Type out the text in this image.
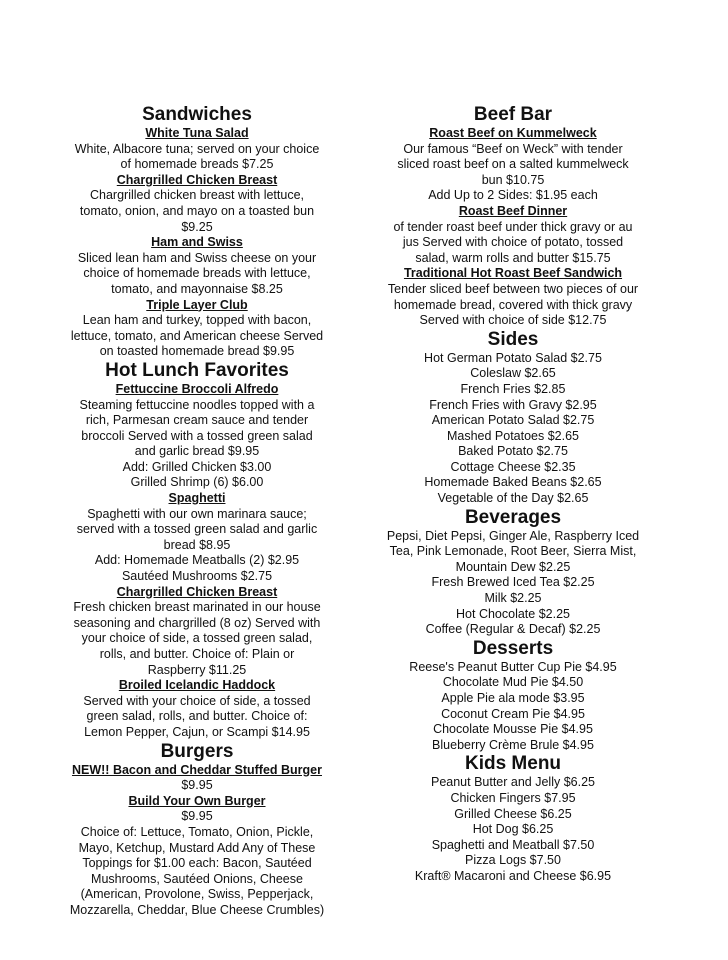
Sandwiches
White Tuna Salad
White, Albacore tuna; served on your choice
of homemade breads $7.25
Chargrilled Chicken Breast
Chargrilled chicken breast with lettuce,
tomato, onion, and mayo on a toasted bun
$9.25
Ham and Swiss
Sliced lean ham and Swiss cheese on your
choice of homemade breads with lettuce,
tomato, and mayonnaise $8.25
Triple Layer Club
Lean ham and turkey, topped with bacon,
lettuce, tomato, and American cheese Served
on toasted homemade bread $9.95
Hot Lunch Favorites
Fettuccine Broccoli Alfredo
Steaming fettuccine noodles topped with a
rich, Parmesan cream sauce and tender
broccoli Served with a tossed green salad
and garlic bread $9.95
Add: Grilled Chicken $3.00
Grilled Shrimp (6) $6.00
Spaghetti
Spaghetti with our own marinara sauce;
served with a tossed green salad and garlic
bread $8.95
Add: Homemade Meatballs (2) $2.95
Sautéed Mushrooms $2.75
Chargrilled Chicken Breast
Fresh chicken breast marinated in our house
seasoning and chargrilled (8 oz) Served with
your choice of side, a tossed green salad,
rolls, and butter. Choice of: Plain or
Raspberry $11.25
Broiled Icelandic Haddock
Served with your choice of side, a tossed
green salad, rolls, and butter. Choice of:
Lemon Pepper, Cajun, or Scampi $14.95
Burgers
NEW!! Bacon and Cheddar Stuffed Burger
$9.95
Build Your Own Burger
$9.95
Choice of: Lettuce, Tomato, Onion, Pickle,
Mayo, Ketchup, Mustard Add Any of These
Toppings for $1.00 each: Bacon, Sautéed
Mushrooms, Sautéed Onions, Cheese
(American, Provolone, Swiss, Pepperjack,
Mozzarella, Cheddar, Blue Cheese Crumbles)
Beef Bar
Roast Beef on Kummelweck
Our famous “Beef on Weck” with tender
sliced roast beef on a salted kummelweck
bun $10.75
Add Up to 2 Sides: $1.95 each
Roast Beef Dinner
of tender roast beef under thick gravy or au
jus Served with choice of potato, tossed
salad, warm rolls and butter $15.75
Traditional Hot Roast Beef Sandwich
Tender sliced beef between two pieces of our
homemade bread, covered with thick gravy
Served with choice of side $12.75
Sides
Hot German Potato Salad $2.75
Coleslaw $2.65
French Fries $2.85
French Fries with Gravy $2.95
American Potato Salad $2.75
Mashed Potatoes $2.65
Baked Potato $2.75
Cottage Cheese $2.35
Homemade Baked Beans $2.65
Vegetable of the Day $2.65
Beverages
Pepsi, Diet Pepsi, Ginger Ale, Raspberry Iced
Tea, Pink Lemonade, Root Beer, Sierra Mist,
Mountain Dew $2.25
Fresh Brewed Iced Tea $2.25
Milk $2.25
Hot Chocolate $2.25
Coffee (Regular & Decaf) $2.25
Desserts
Reese's Peanut Butter Cup Pie $4.95
Chocolate Mud Pie $4.50
Apple Pie ala mode $3.95
Coconut Cream Pie $4.95
Chocolate Mousse Pie $4.95
Blueberry Crème Brule $4.95
Kids Menu
Peanut Butter and Jelly $6.25
Chicken Fingers $7.95
Grilled Cheese $6.25
Hot Dog $6.25
Spaghetti and Meatball $7.50
Pizza Logs $7.50
Kraft® Macaroni and Cheese $6.95
